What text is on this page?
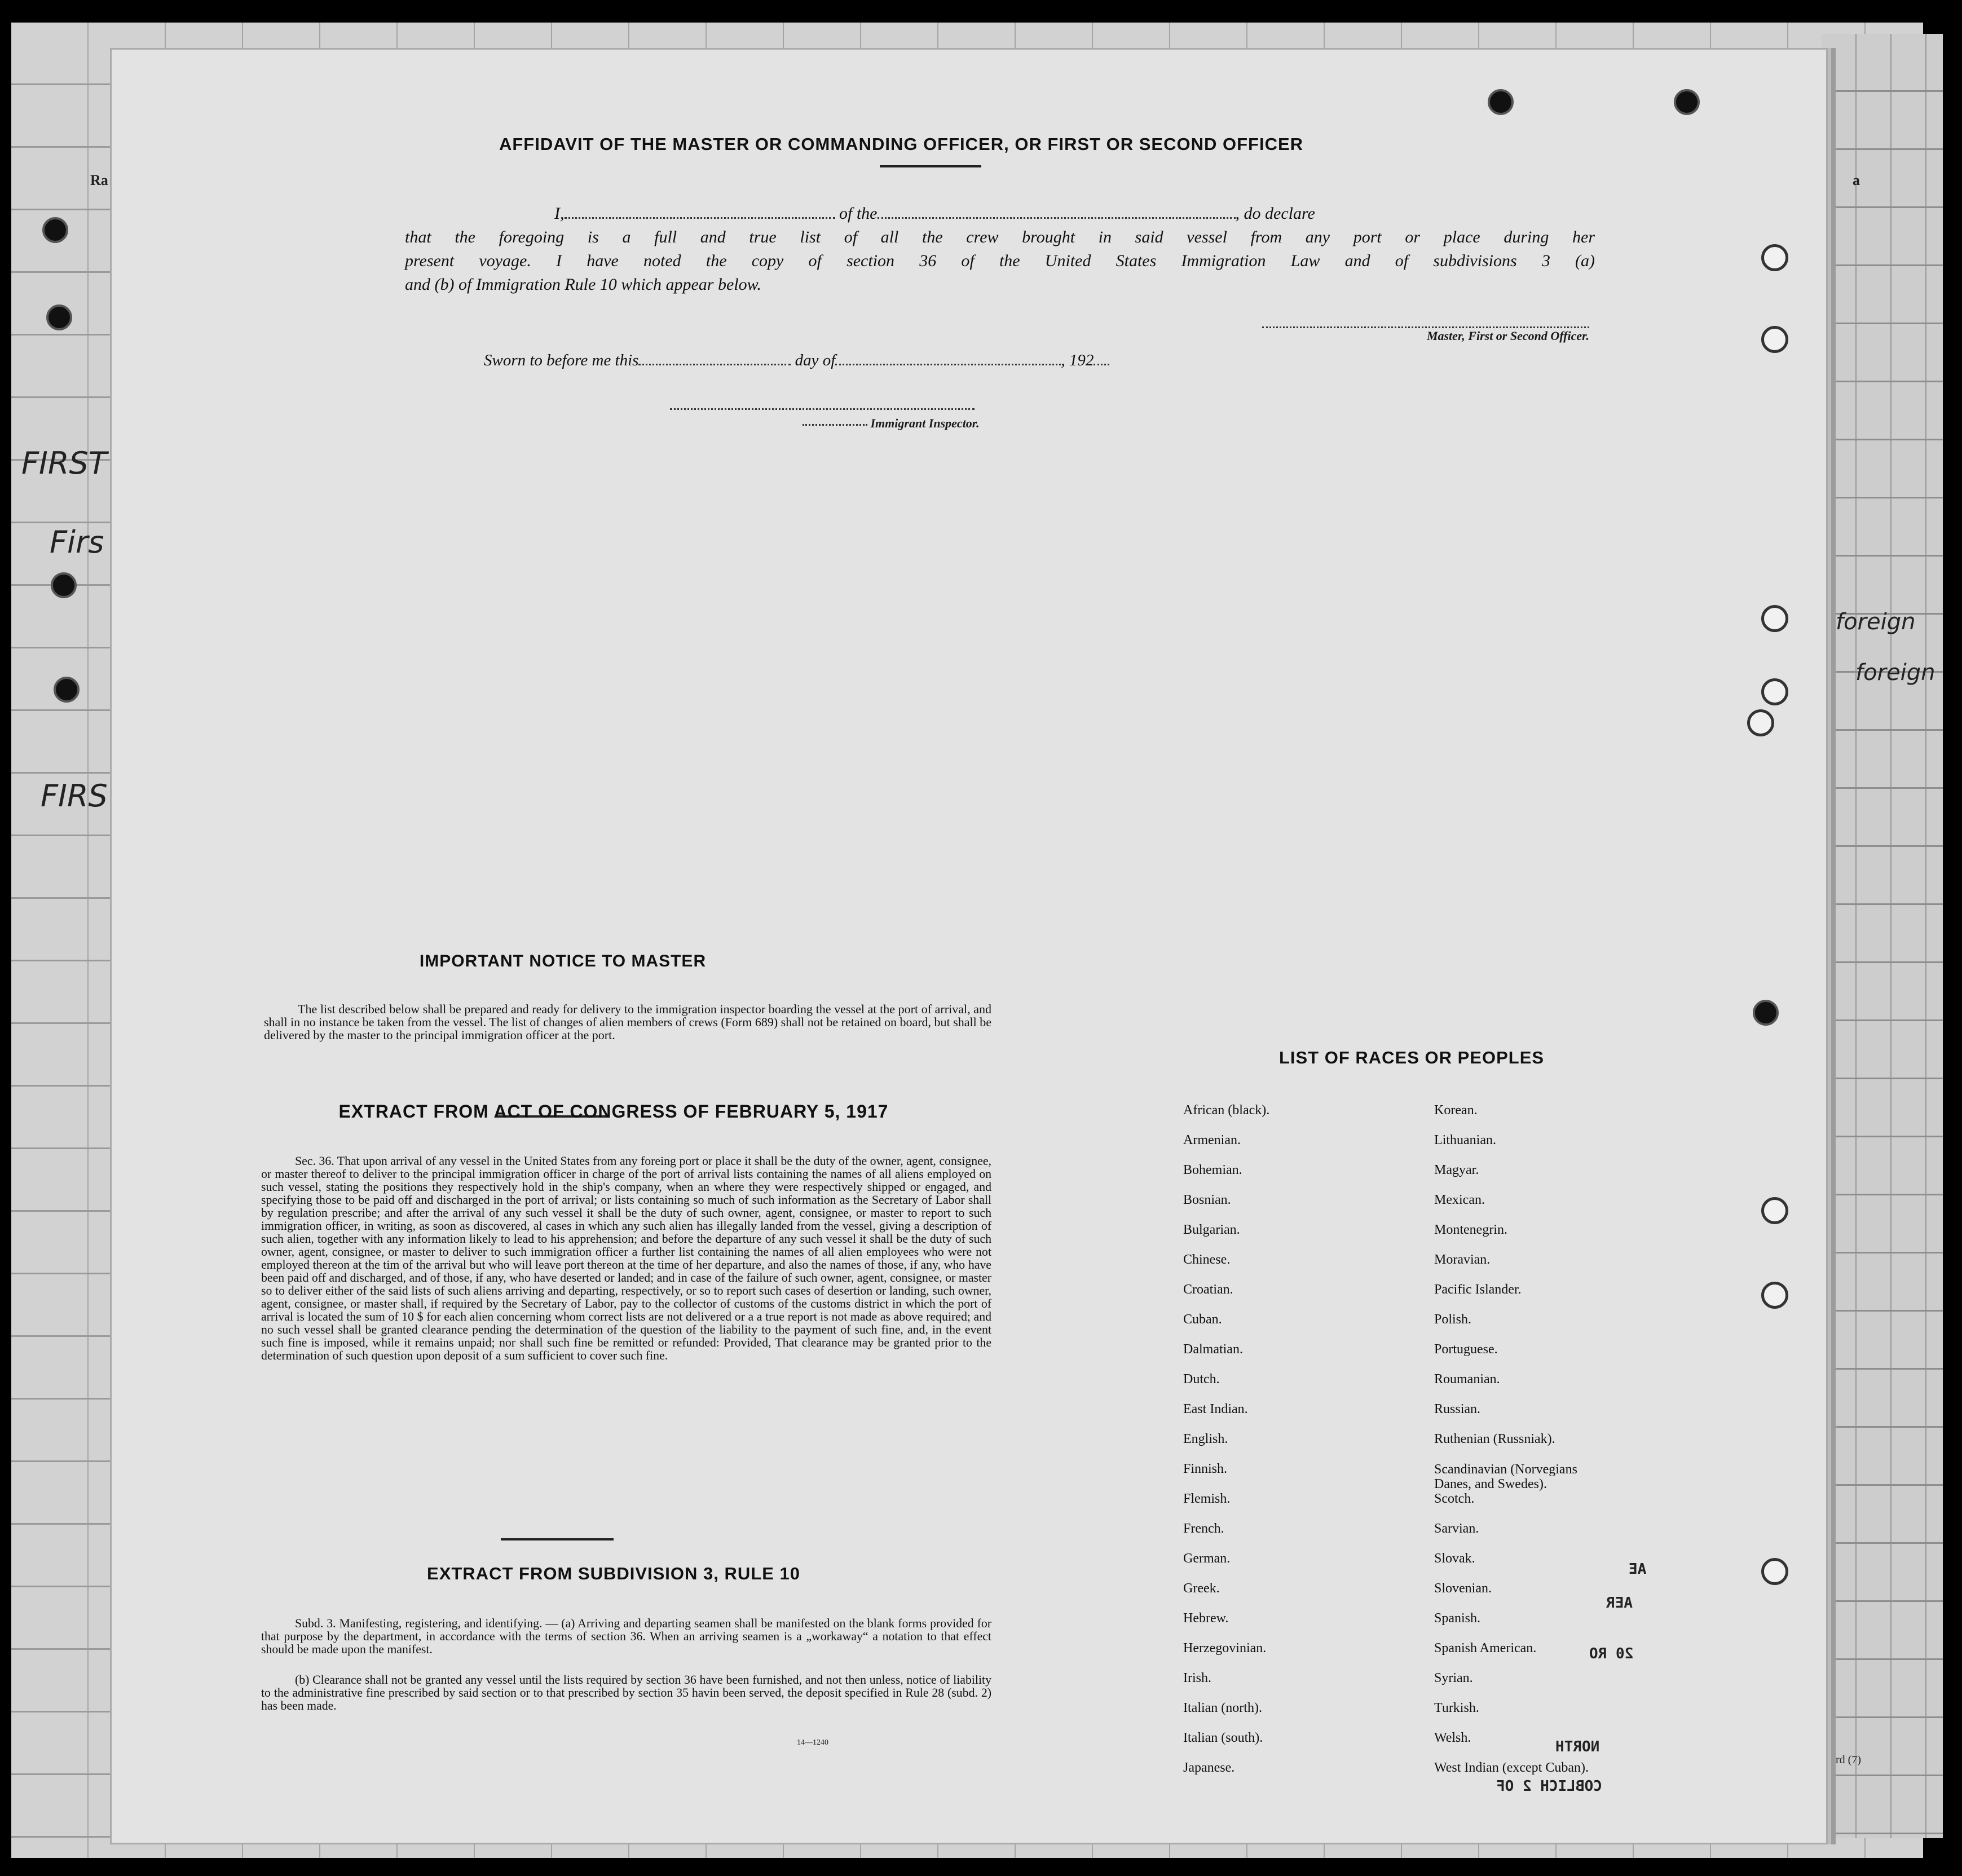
FIRST
Firs
FIRS
foreign
foreign
Ra	a
rd (7)
AFFIDAVIT OF THE MASTER OR COMMANDING OFFICER, OR FIRST OR SECOND OFFICER
I,	of the	, do declare
that the foregoing is a full and true list of all the crew brought in said vessel from any port or place during her
present voyage. I have noted the copy of section 36 of the United States Immigration Law and of subdivisions 3 (a)
and (b) of Immigration Rule 10 which appear below.
Master, First or Second Officer.
Sworn to before me this	day of	, 192
Immigrant Inspector.
IMPORTANT NOTICE TO MASTER
The list described below shall be prepared and ready for delivery to the immigration inspector boarding the vessel at the port of arrival, and shall in no instance be taken from the vessel. The list of changes of alien members of crews (Form 689) shall not be retained on board, but shall be delivered by the master to the principal immigration officer at the port.
EXTRACT FROM ACT OF CONGRESS OF FEBRUARY 5, 1917
Sec. 36. That upon arrival of any vessel in the United States from any foreing port or place it shall be the duty of the owner, agent, consignee, or master thereof to deliver to the principal immigration officer in charge of the port of arrival lists containing the names of all aliens employed on such vessel, stating the positions they respectively hold in the ship's company, when an where they were respectively shipped or engaged, and specifying those to be paid off and discharged in the port of arrival; or lists containing so much of such information as the Secretary of Labor shall by regulation prescribe; and after the arrival of any such vessel it shall be the duty of such owner, agent, consignee, or master to report to such immigration officer, in writing, as soon as discovered, al cases in which any such alien has illegally landed from the vessel, giving a description of such alien, together with any information likely to lead to his apprehension; and before the departure of any such vessel it shall be the duty of such owner, agent, consignee, or master to deliver to such immigration officer a further list containing the names of all alien employees who were not employed thereon at the tim of the arrival but who will leave port thereon at the time of her departure, and also the names of those, if any, who have been paid off and discharged, and of those, if any, who have deserted or landed; and in case of the failure of such owner, agent, consignee, or master so to deliver either of the said lists of such aliens arriving and departing, respectively, or so to report such cases of desertion or landing, such owner, agent, consignee, or master shall, if required by the Secretary of Labor, pay to the collector of customs of the customs district in which the port of arrival is located the sum of 10 $ for each alien concerning whom correct lists are not delivered or a a true report is not made as above required; and no such vessel shall be granted clearance pending the determination of the question of the liability to the payment of such fine, and, in the event such fine is imposed, while it remains unpaid; nor shall such fine be remitted or refunded: Provided, That clearance may be granted prior to the determination of such question upon deposit of a sum sufficient to cover such fine.
EXTRACT FROM SUBDIVISION 3, RULE 10
Subd. 3. Manifesting, registering, and identifying. — (a) Arriving and departing seamen shall be manifested on the blank forms provided for that purpose by the department, in accordance with the terms of section 36. When an arriving seamen is a „workaway“ a notation to that effect should be made upon the manifest.
(b) Clearance shall not be granted any vessel until the lists required by section 36 have been furnished, and not then unless, notice of liability to the administrative fine prescribed by said section or to that prescribed by section 35 havin been served, the deposit specified in Rule 28 (subd. 2) has been made.
14—1240
LIST OF RACES OR PEOPLES
African (black).
Armenian.
Bohemian.
Bosnian.
Bulgarian.
Chinese.
Croatian.
Cuban.
Dalmatian.
Dutch.
East Indian.
English.
Finnish.
Flemish.
French.
German.
Greek.
Hebrew.
Herzegovinian.
Irish.
Italian (north).
Italian (south).
Japanese.
Korean.
Lithuanian.
Magyar.
Mexican.
Montenegrin.
Moravian.
Pacific Islander.
Polish.
Portuguese.
Roumanian.
Russian.
Ruthenian (Russniak).
Scandinavian (Norvegians
Danes, and Swedes).
Scotch.
Sarvian.
Slovak.
Slovenian.
Spanish.
Spanish American.
Syrian.
Turkish.
Welsh.
West Indian (except Cuban).
AE
AER
20 RO
NORTH
COBLICH 2 OF
